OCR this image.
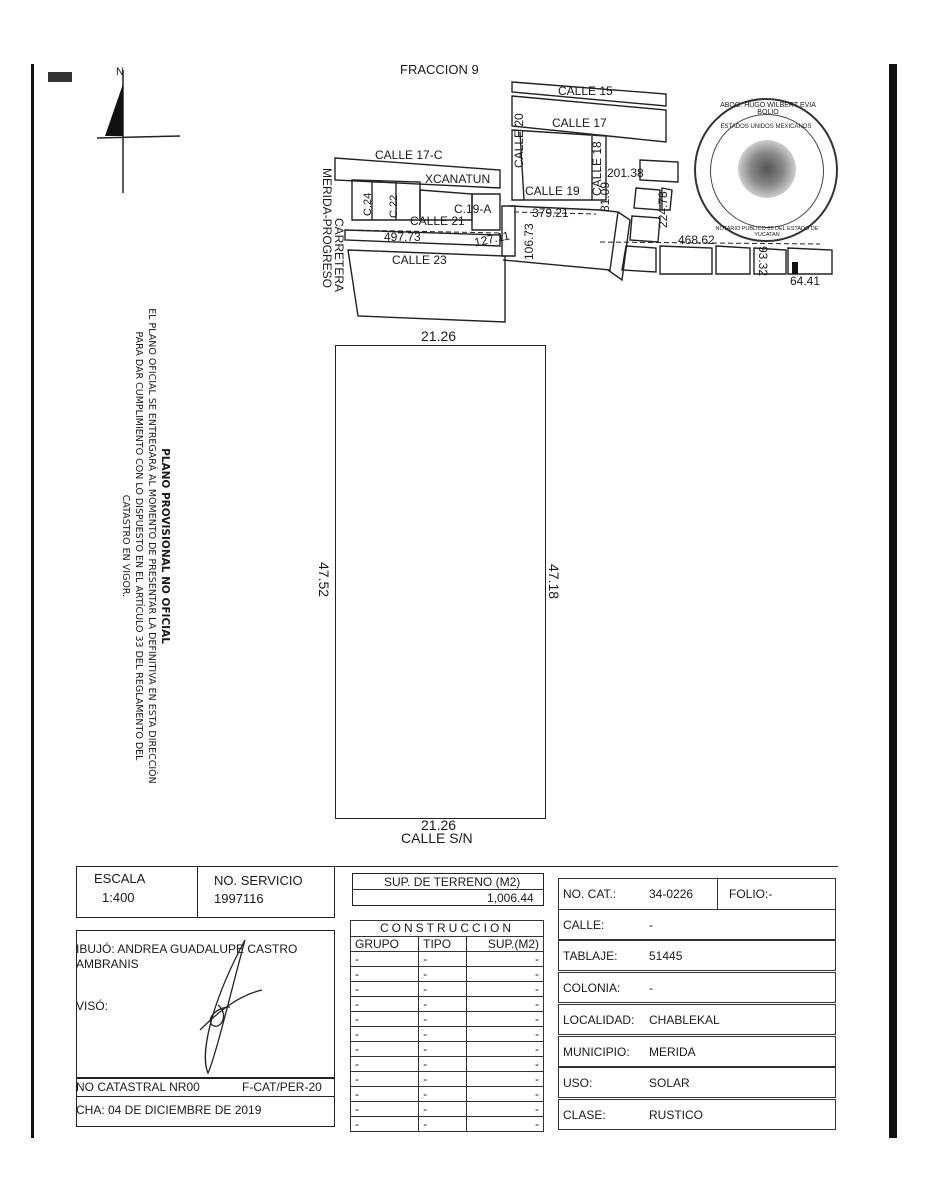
N	FRACCION 9
CALLE 15
CALLE 17
CALLE 17-C
XCANATUN
CALLE 20
CALLE 18
CALLE 19
C.19-A
CALLE 21
CALLE 23
C.24 C.22
CARRETERA
MERIDA-PROGRESO	497.73	127.11 106.73
379.21
81.09
201.38
224.78
468.62
93.32
64.41
ABOG. HUGO WILBERT EVIA BOLIO
ESTADOS UNIDOS MEXICANOS
NOTARIO PUBLICO 85 DEL ESTADO DE YUCATAN
21.26
21.26
CALLE S/N
47.52	47.18
PLANO PROVISIONAL NO OFICIAL
EL PLANO OFICIAL SE ENTREGARÁ AL MOMENTO DE PRESENTAR LA DEFINITIVA EN ESTA DIRECCIÓN PARA DAR CUMPLIMIENTO CON LO DISPUESTO EN EL ARTÍCULO 33 DEL REGLAMENTO DEL CATASTRO EN VIGOR.
ESCALA
1:400
NO. SERVICIO
1997116
IBUJÓ: ANDREA GUADALUPE CASTRO
AMBRANIS
VISÓ:
NO CATASTRAL NR00	F-CAT/PER-20
CHA: 04 DE DICIEMBRE DE 2019
SUP. DE TERRENO (M2)
1,006.44
CONSTRUCCION
GRUPO	TIPO	SUP.(M2)
-	-	-
-	-	-
-	-	-
-	-	-
-	-	-
-	-	-
-	-	-
-	-	-
-	-	-
-	-	-
-	-	-
-	-	-
NO. CAT.:	34-0226	FOLIO:-
CALLE:	-
TABLAJE:	51445
COLONIA: -
LOCALIDAD: CHABLEKAL
MUNICIPIO: MERIDA
USO:	SOLAR
CLASE:	RUSTICO
